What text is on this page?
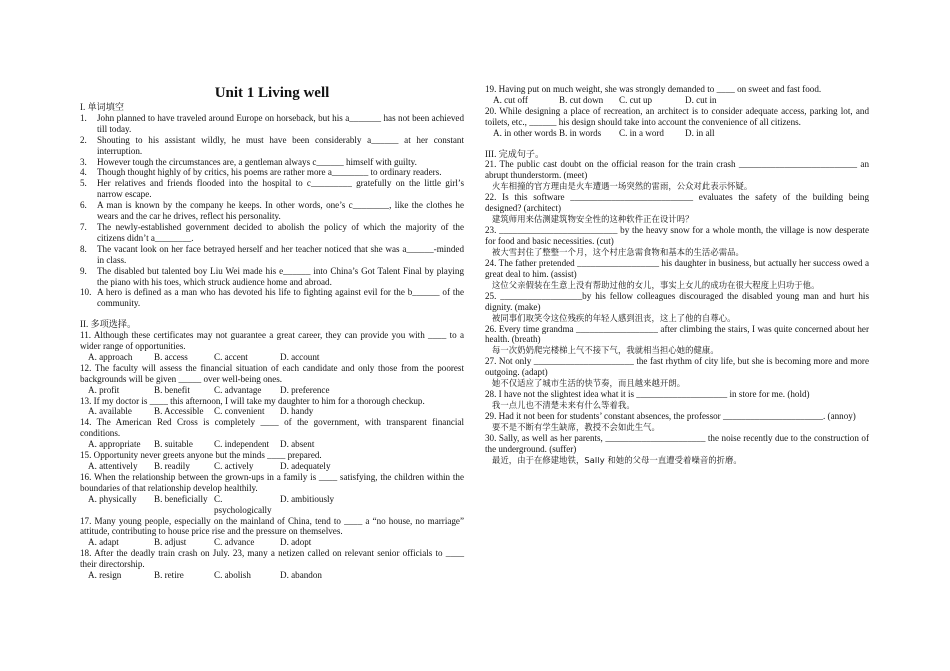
Unit 1 Living well
I. 单词填空
1. John planned to have traveled around Europe on horseback, but his a_______ has not been achieved till today.
2. Shouting to his assistant wildly, he must have been considerably a______ at her constant interruption.
3. However tough the circumstances are, a gentleman always c______ himself with guilty.
4. Though thought highly of by critics, his poems are rather more a________ to ordinary readers.
5. Her relatives and friends flooded into the hospital to c_________ gratefully on the little girl’s narrow escape.
6. A man is known by the company he keeps. In other words, one’s c________, like the clothes he wears and the car he drives, reflect his personality.
7. The newly-established government decided to abolish the policy of which the majority of the citizens didn’t a________.
8. The vacant look on her face betrayed herself and her teacher noticed that she was a______-minded in class.
9. The disabled but talented boy Liu Wei made his e______ into China’s Got Talent Final by playing the piano with his toes, which struck audience home and abroad.
10. A hero is defined as a man who has devoted his life to fighting against evil for the b______ of the community.
II. 多项选择。
11. Although these certificates may not guarantee a great career, they can provide you with ____ to a wider range of opportunities.
A. approach	B. access	C. accent	D. account
12. The faculty will assess the financial situation of each candidate and only those from the poorest backgrounds will be given _____ over well-being ones.
A. profit	B. benefit	C. advantage	D. preference
13. If my doctor is ____ this afternoon, I will take my daughter to him for a thorough checkup.
A. available	B. Accessible	C. convenient	D. handy
14. The American Red Cross is completely ____ of the government, with transparent financial conditions.
A. appropriate	B. suitable	C. independent	D. absent
15. Opportunity never greets anyone but the minds ____ prepared.
A. attentively	B. readily	C. actively	D. adequately
16. When the relationship between the grown-ups in a family is ____ satisfying, the children within the boundaries of that relationship develop healthily.
A. physically	B. beneficially C. psychologically
D. ambitiously
17. Many young people, especially on the mainland of China, tend to ____ a “no house, no marriage” attitude, contributing to house price rise and the pressure on themselves.
A. adapt	B. adjust	C. advance	D. adopt
18. After the deadly train crash on July. 23, many a netizen called on relevant senior officials to ____ their directorship.
A. resign	B. retire	C. abolish	D. abandon
19. Having put on much weight, she was strongly demanded to ____ on sweet and fast food.
A. cut off	B. cut down	C. cut up	D. cut in
20. While designing a place of recreation, an architect is to consider adequate access, parking lot, and toilets, etc., ______ his design should take into account the convenience of all citizens.
A. in other words B. in words	C. in a word	D. in all
III. 完成句子。
21. The public cast doubt on the official reason for the train crash __________________________ an abrupt thunderstorm. (meet)
火车相撞的官方理由是火车遭遇一场突然的雷雨，公众对此表示怀疑。
22. Is this software ___________________________ evaluates the safety of the building being designed? (architect)
建筑师用来估测建筑物安全性的这种软件正在设计吗？
23. __________________________ by the heavy snow for a whole month, the village is now desperate for food and basic necessities. (cut)
被大雪封住了整整一个月，这个村庄急需食物和基本的生活必需品。
24. The father pretended __________________ his daughter in business, but actually her success owed a great deal to him. (assist)
这位父亲假装在生意上没有帮助过他的女儿，事实上女儿的成功在很大程度上归功于他。
25. __________________by his fellow colleagues discouraged the disabled young man and hurt his dignity. (make)
被同事们取笑令这位残疾的年轻人感到沮丧，这上了他的自尊心。
26. Every time grandma __________________ after climbing the stairs, I was quite concerned about her health. (breath)
每一次奶奶爬完楼梯上气不接下气，我就相当担心她的健康。
27. Not only ______________________ the fast rhythm of city life, but she is becoming more and more outgoing. (adapt)
她不仅适应了城市生活的快节奏，而且越来越开朗。
28. I have not the slightest idea what it is ____________________ in store for me. (hold)
我一点儿也不清楚未来有什么等着我。
29. Had it not been for students’ constant absences, the professor ______________________. (annoy)
要不是不断有学生缺席，教授不会如此生气。
30. Sally, as well as her parents, ______________________ the noise recently due to the construction of the underground. (suffer)
最近，由于在修建地铁，Sally 和她的父母一直遭受着噪音的折磨。
